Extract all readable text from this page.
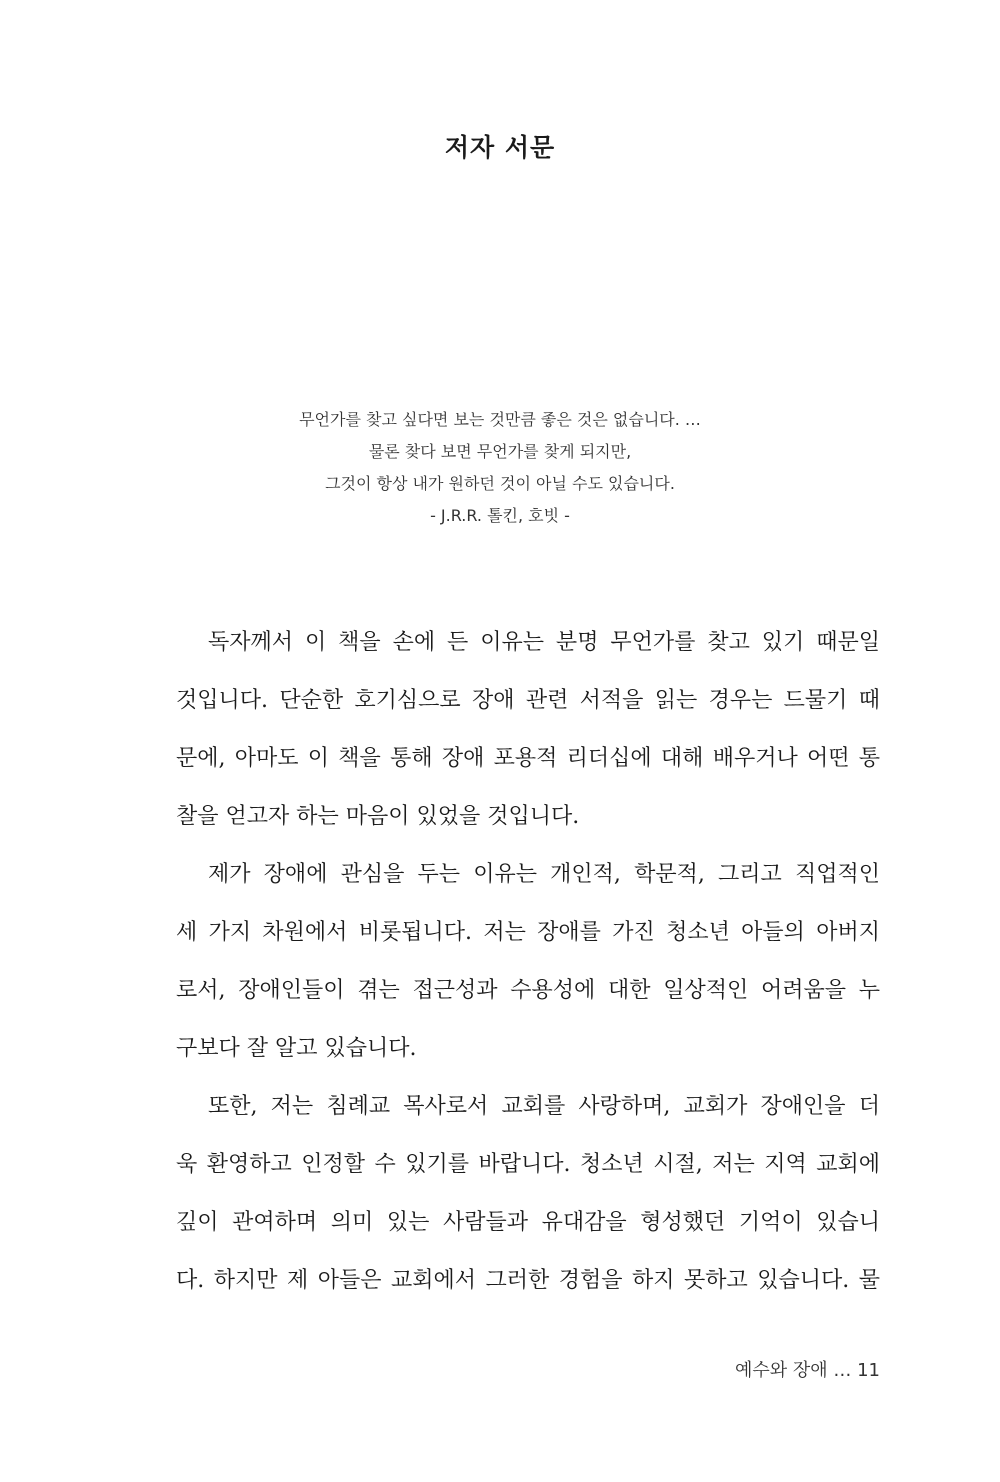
저자 서문
무언가를 찾고 싶다면 보는 것만큼 좋은 것은 없습니다. …
물론 찾다 보면 무언가를 찾게 되지만,
그것이 항상 내가 원하던 것이 아닐 수도 있습니다.
- J.R.R. 톨킨, 호빗 -

독자께서 이 책을 손에 든 이유는 분명 무언가를 찾고 있기 때문일
것입니다. 단순한 호기심으로 장애 관련 서적을 읽는 경우는 드물기 때
문에, 아마도 이 책을 통해 장애 포용적 리더십에 대해 배우거나 어떤 통
찰을 얻고자 하는 마음이 있었을 것입니다.

제가 장애에 관심을 두는 이유는 개인적, 학문적, 그리고 직업적인
세 가지 차원에서 비롯됩니다. 저는 장애를 가진 청소년 아들의 아버지
로서, 장애인들이 겪는 접근성과 수용성에 대한 일상적인 어려움을 누
구보다 잘 알고 있습니다.

또한, 저는 침례교 목사로서 교회를 사랑하며, 교회가 장애인을 더
욱 환영하고 인정할 수 있기를 바랍니다. 청소년 시절, 저는 지역 교회에
깊이 관여하며 의미 있는 사람들과 유대감을 형성했던 기억이 있습니
다. 하지만 제 아들은 교회에서 그러한 경험을 하지 못하고 있습니다. 물

예수와 장애 … 11
